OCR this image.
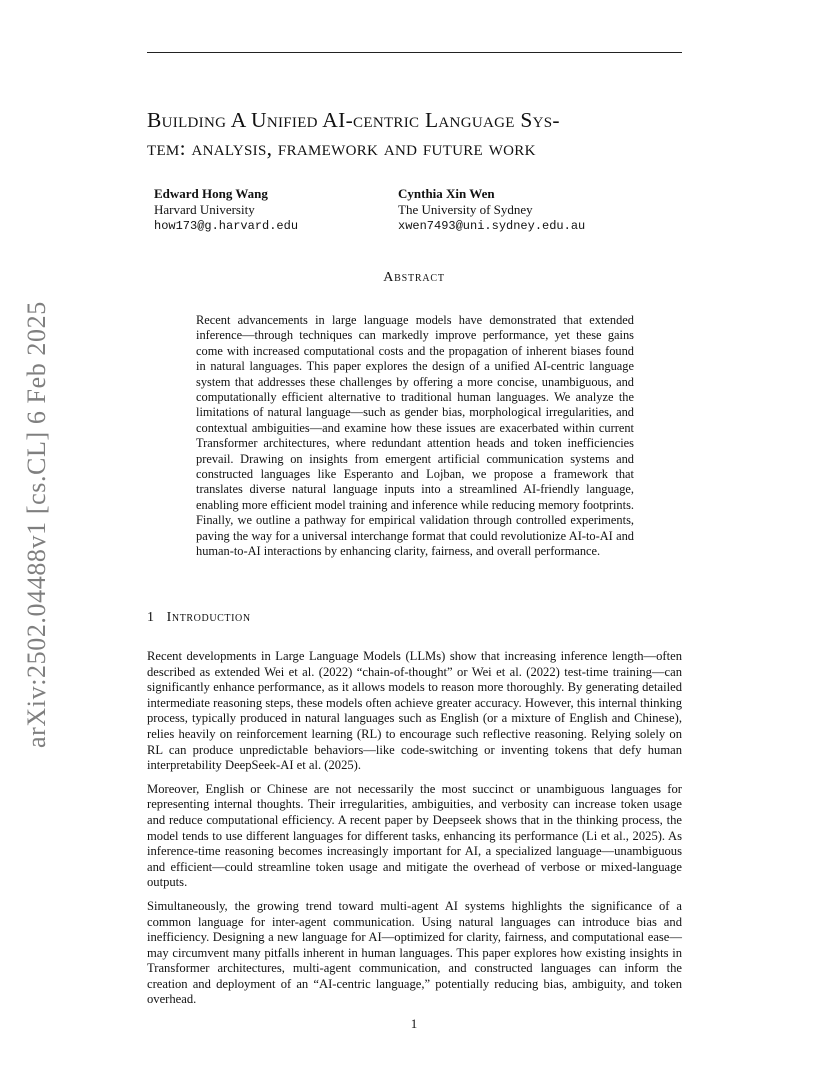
Building A Unified AI-centric Language Sys-
tem: analysis, framework and future work
Edward Hong Wang
Harvard University
how173@g.harvard.edu
Cynthia Xin Wen
The University of Sydney
xwen7493@uni.sydney.edu.au
arXiv:2502.04488v1 [cs.CL] 6 Feb 2025
Abstract

Recent advancements in large language models have demonstrated that extended inference—through techniques can markedly improve performance, yet these gains come with increased computational costs and the propagation of inherent biases found in natural languages. This paper explores the design of a unified AI-centric language system that addresses these challenges by offering a more concise, unambiguous, and computationally efficient alternative to traditional human languages. We analyze the limitations of natural language—such as gender bias, morphological irregularities, and contextual ambiguities—and examine how these issues are exacerbated within current Transformer architectures, where redundant attention heads and token inefficiencies prevail. Drawing on insights from emergent artificial communication systems and constructed languages like Esperanto and Lojban, we propose a framework that translates diverse natural language inputs into a streamlined AI-friendly language, enabling more efficient model training and inference while reducing memory footprints. Finally, we outline a pathway for empirical validation through controlled experiments, paving the way for a universal interchange format that could revolutionize AI-to-AI and human-to-AI interactions by enhancing clarity, fairness, and overall performance.

1 Introduction

Recent developments in Large Language Models (LLMs) show that increasing inference length—often described as extended Wei et al. (2022) “chain-of-thought” or Wei et al. (2022) test-time training—can significantly enhance performance, as it allows models to reason more thoroughly. By generating detailed intermediate reasoning steps, these models often achieve greater accuracy. However, this internal thinking process, typically produced in natural languages such as English (or a mixture of English and Chinese), relies heavily on reinforcement learning (RL) to encourage such reflective reasoning. Relying solely on RL can produce unpredictable behaviors—like code-switching or inventing tokens that defy human interpretability DeepSeek-AI et al. (2025).

Moreover, English or Chinese are not necessarily the most succinct or unambiguous languages for representing internal thoughts. Their irregularities, ambiguities, and verbosity can increase token usage and reduce computational efficiency. A recent paper by Deepseek shows that in the thinking process, the model tends to use different languages for different tasks, enhancing its performance (Li et al., 2025). As inference-time reasoning becomes increasingly important for AI, a specialized language—unambiguous and efficient—could streamline token usage and mitigate the overhead of verbose or mixed-language outputs.

Simultaneously, the growing trend toward multi-agent AI systems highlights the significance of a common language for inter-agent communication. Using natural languages can introduce bias and inefficiency. Designing a new language for AI—optimized for clarity, fairness, and computational ease—may circumvent many pitfalls inherent in human languages. This paper explores how existing insights in Transformer architectures, multi-agent communication, and constructed languages can inform the creation and deployment of an “AI-centric language,” potentially reducing bias, ambiguity, and token overhead.

1
